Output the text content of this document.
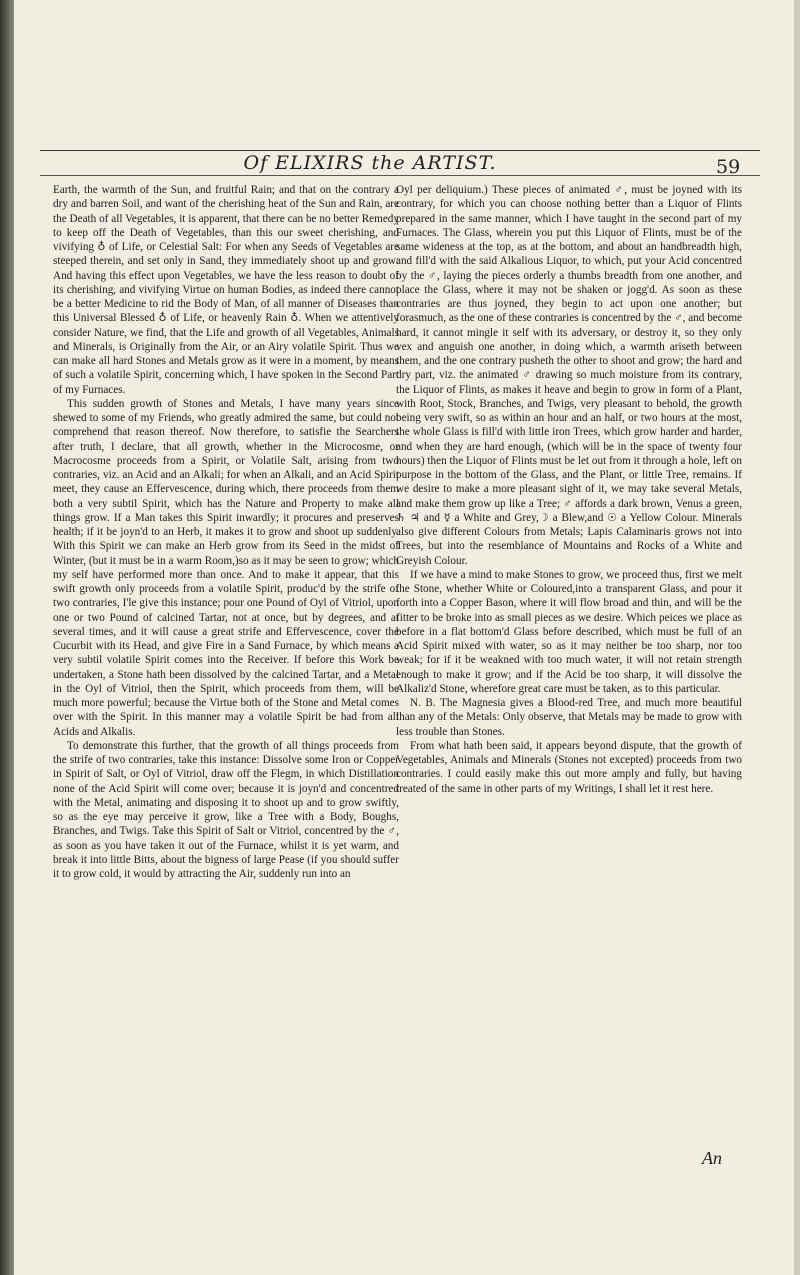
Of ELIXIRS the ARTIST.	59

Earth, the warmth of the Sun, and fruitful Rain; and that on the contrary a dry and barren Soil, and want of the cherishing heat of the Sun and Rain, are the Death of all Vegetables, it is apparent, that there can be no better Remedy to keep off the Death of Vegetables, than this our sweet cherishing, and vivifying ♁ of Life, or Celestial Salt: For when any Seeds of Vegetables are steeped therein, and set only in Sand, they immediately shoot up and grow: And having this effect upon Vegetables, we have the less reason to doubt of its cherishing, and vivifying Virtue on human Bodies, as indeed there cannot be a better Medicine to rid the Body of Man, of all manner of Diseases than this Universal Blessed ♁ of Life, or heavenly Rain ♁. When we attentively consider Nature, we find, that the Life and growth of all Vegetables, Animals and Minerals, is Originally from the Air, or an Airy volatile Spirit. Thus we can make all hard Stones and Metals grow as it were in a moment, by means of such a volatile Spirit, concerning which, I have spoken in the Second Part of my Furnaces.

This sudden growth of Stones and Metals, I have many years since shewed to some of my Friends, who greatly admired the same, but could not comprehend that reason thereof. Now therefore, to satisfie the Searchers after truth, I declare, that all growth, whether in the Microcosme, or Macrocosme proceeds from a Spirit, or Volatile Salt, arising from two contraries, viz. an Acid and an Alkali; for when an Alkali, and an Acid Spirit meet, they cause an Effervescence, during which, there proceeds from them both a very subtil Spirit, which has the Nature and Property to make all things grow. If a Man takes this Spirit inwardly; it procures and preserves health; if it be joyn'd to an Herb, it makes it to grow and shoot up suddenly. With this Spirit we can make an Herb grow from its Seed in the midst of Winter, (but it must be in a warm Room,)so as it may be seen to grow; which my self have performed more than once. And to make it appear, that this swift growth only proceeds from a volatile Spirit, produc'd by the strife of two contraries, I'le give this instance; pour one Pound of Oyl of Vitriol, upon one or two Pound of calcined Tartar, not at once, but by degrees, and at several times, and it will cause a great strife and Effervescence, cover the Cucurbit with its Head, and give Fire in a Sand Furnace, by which means a very subtil volatile Spirit comes into the Receiver. If before this Work be undertaken, a Stone hath been dissolved by the calcined Tartar, and a Metal in the Oyl of Vitriol, then the Spirit, which proceeds from them, will be much more powerful; because the Virtue both of the Stone and Metal comes over with the Spirit. In this manner may a volatile Spirit be had from all Acids and Alkalis.

To demonstrate this further, that the growth of all things proceeds from the strife of two contraries, take this instance: Dissolve some Iron or Copper in Spirit of Salt, or Oyl of Vitriol, draw off the Flegm, in which Distillation none of the Acid Spirit will come over; because it is joyn'd and concentred with the Metal, animating and disposing it to shoot up and to grow swiftly, so as the eye may perceive it grow, like a Tree with a Body, Boughs, Branches, and Twigs. Take this Spirit of Salt or Vitriol, concentred by the ♂, as soon as you have taken it out of the Furnace, whilst it is yet warm, and break it into little Bitts, about the bigness of large Pease (if you should suffer it to grow cold, it would by attracting the Air, suddenly run into an

Oyl per deliquium.) These pieces of animated ♂, must be joyned with its contrary, for which you can choose nothing better than a Liquor of Flints prepared in the same manner, which I have taught in the second part of my Furnaces. The Glass, wherein you put this Liquor of Flints, must be of the same wideness at the top, as at the bottom, and about an handbreadth high, and fill'd with the said Alkalious Liquor, to which, put your Acid concentred by the ♂, laying the pieces orderly a thumbs breadth from one another, and place the Glass, where it may not be shaken or jogg'd. As soon as these contraries are thus joyned, they begin to act upon one another; but forasmuch, as the one of these contraries is concentred by the ♂, and become hard, it cannot mingle it self with its adversary, or destroy it, so they only vex and anguish one another, in doing which, a warmth ariseth between them, and the one contrary pusheth the other to shoot and grow; the hard and dry part, viz. the animated ♂ drawing so much moisture from its contrary, the Liquor of Flints, as makes it heave and begin to grow in form of a Plant, with Root, Stock, Branches, and Twigs, very pleasant to behold, the growth being very swift, so as within an hour and an half, or two hours at the most, the whole Glass is fill'd with little iron Trees, which grow harder and harder, and when they are hard enough, (which will be in the space of twenty four hours) then the Liquor of Flints must be let out from it through a hole, left on purpose in the bottom of the Glass, and the Plant, or little Tree, remains. If we desire to make a more pleasant sight of it, we may take several Metals, and make them grow up like a Tree; ♂ affords a dark brown, Venus a green, ♄ ♃ and ☿ a White and Grey,☽ a Blew,and ☉ a Yellow Colour. Minerals also give different Colours from Metals; Lapis Calaminaris grows not into Trees, but into the resemblance of Mountains and Rocks of a White and Greyish Colour.

If we have a mind to make Stones to grow, we proceed thus, first we melt the Stone, whether White or Coloured,into a transparent Glass, and pour it forth into a Copper Bason, where it will flow broad and thin, and will be the fitter to be broke into as small pieces as we desire. Which peices we place as before in a flat bottom'd Glass before described, which must be full of an Acid Spirit mixed with water, so as it may neither be too sharp, nor too weak; for if it be weakned with too much water, it will not retain strength enough to make it grow; and if the Acid be too sharp, it will dissolve the Alkaliz'd Stone, wherefore great care must be taken, as to this particular.

N. B. The Magnesia gives a Blood-red Tree, and much more beautiful than any of the Metals: Only observe, that Metals may be made to grow with less trouble than Stones.

From what hath been said, it appears beyond dispute, that the growth of Vegetables, Animals and Minerals (Stones not excepted) proceeds from two contraries. I could easily make this out more amply and fully, but having treated of the same in other parts of my Writings, I shall let it rest here.

An
